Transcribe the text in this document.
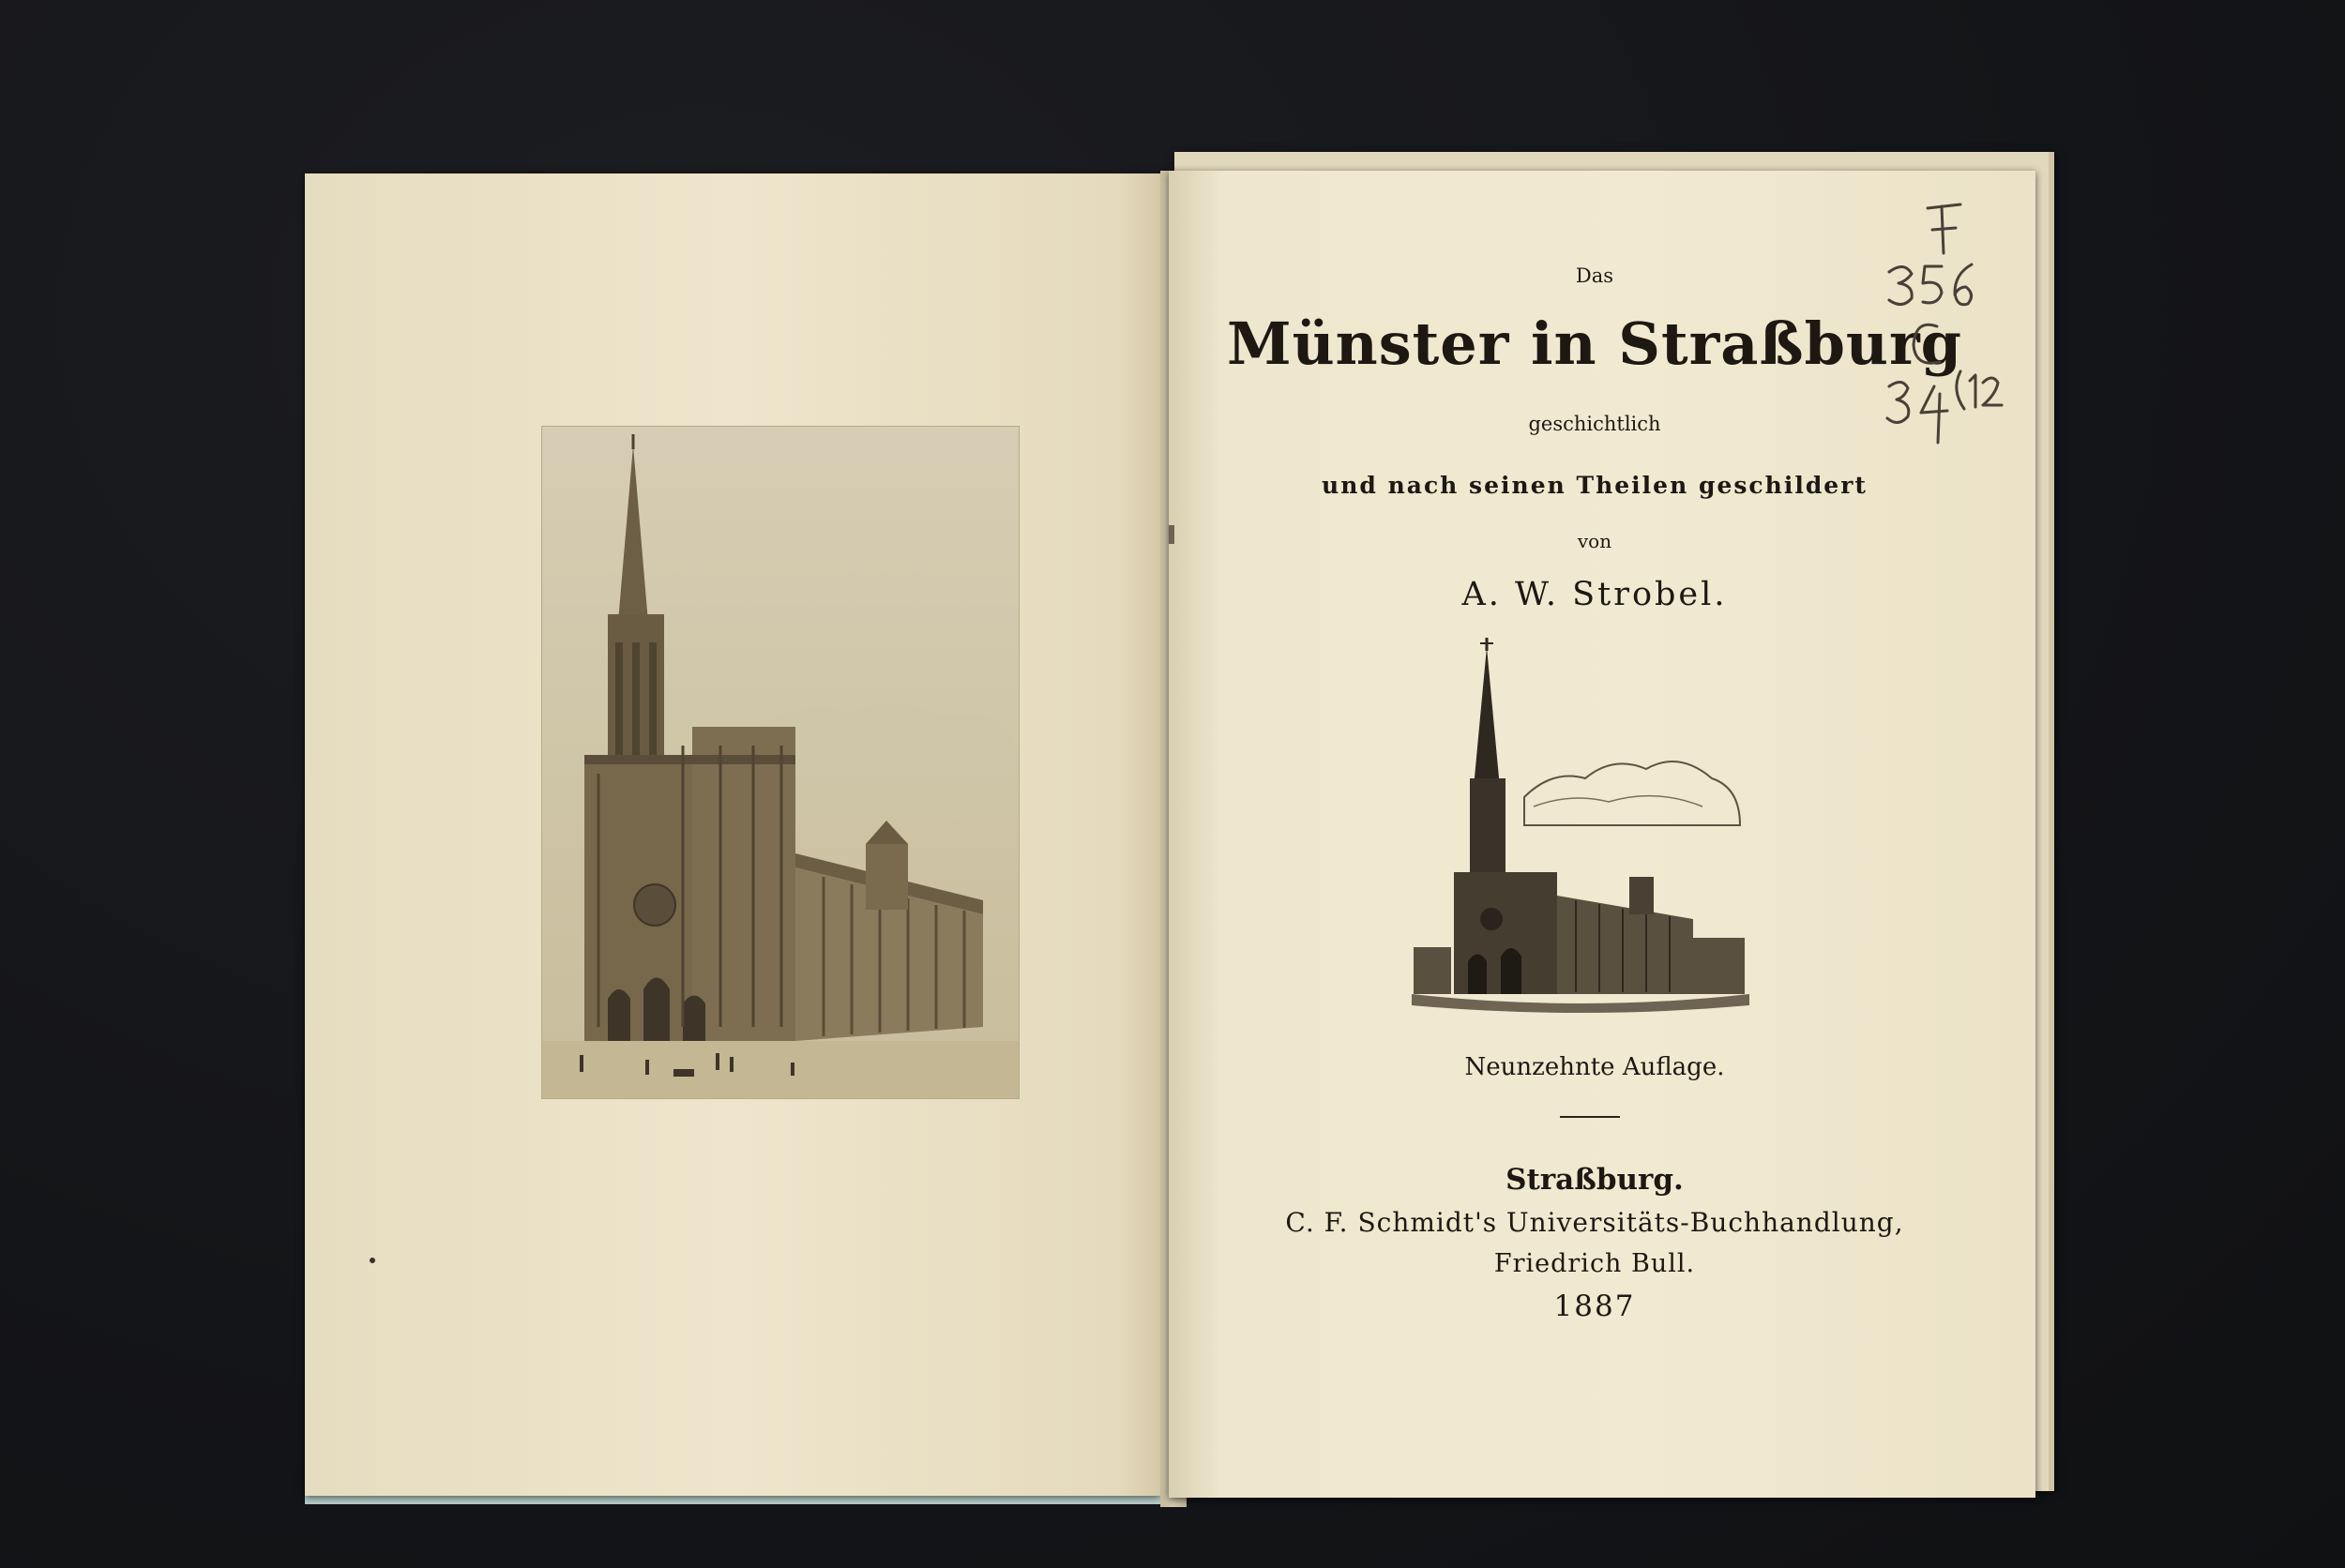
Das
Münster in Straßburg
geschichtlich
und nach seinen Theilen geschildert
von
A. W. Strobel.
Neunzehnte Auflage.
Straßburg.
C. F. Schmidt's Universitäts-Buchhandlung,
Friedrich Bull.
1887
